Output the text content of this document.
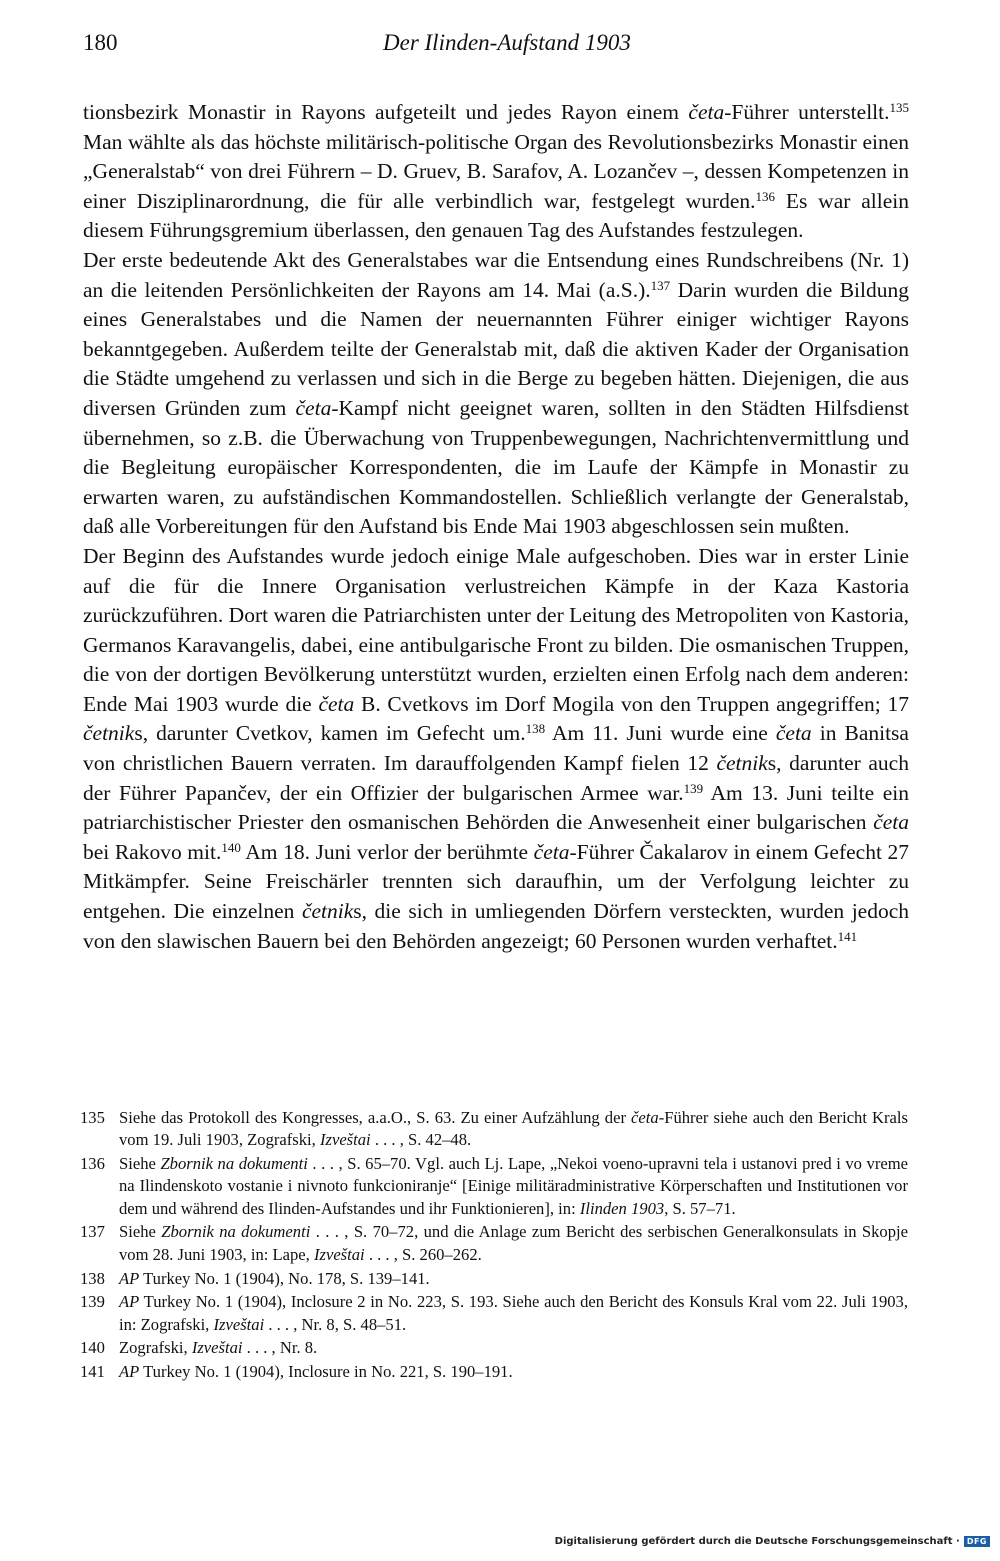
180	Der Ilinden-Aufstand 1903

tionsbezirk Monastir in Rayons aufgeteilt und jedes Rayon einem četa-Führer unterstellt.$^{135}$ Man wählte als das höchste militärisch-politische Organ des Revolutionsbezirks Monastir einen „Generalstab“ von drei Führern – D. Gruev, B. Sarafov, A. Lozančev –, dessen Kompetenzen in einer Disziplinarordnung, die für alle verbindlich war, festgelegt wurden.$^{136}$ Es war allein diesem Führungsgremium überlassen, den genauen Tag des Aufstandes festzulegen.

Der erste bedeutende Akt des Generalstabes war die Entsendung eines Rundschreibens (Nr. 1) an die leitenden Persönlichkeiten der Rayons am 14. Mai (a.S.).$^{137}$ Darin wurden die Bildung eines Generalstabes und die Namen der neuernannten Führer einiger wichtiger Rayons bekanntgegeben. Außerdem teilte der Generalstab mit, daß die aktiven Kader der Organisation die Städte umgehend zu verlassen und sich in die Berge zu begeben hätten. Diejenigen, die aus diversen Gründen zum četa-Kampf nicht geeignet waren, sollten in den Städten Hilfsdienst übernehmen, so z.B. die Überwachung von Truppenbewegungen, Nachrichtenvermittlung und die Begleitung europäischer Korrespondenten, die im Laufe der Kämpfe in Monastir zu erwarten waren, zu aufständischen Kommandostellen. Schließlich verlangte der Generalstab, daß alle Vorbereitungen für den Aufstand bis Ende Mai 1903 abgeschlossen sein mußten.

Der Beginn des Aufstandes wurde jedoch einige Male aufgeschoben. Dies war in erster Linie auf die für die Innere Organisation verlustreichen Kämpfe in der Kaza Kastoria zurückzuführen. Dort waren die Patriarchisten unter der Leitung des Metropoliten von Kastoria, Germanos Karavangelis, dabei, eine antibulgarische Front zu bilden. Die osmanischen Truppen, die von der dortigen Bevölkerung unterstützt wurden, erzielten einen Erfolg nach dem anderen: Ende Mai 1903 wurde die četa B. Cvetkovs im Dorf Mogila von den Truppen angegriffen; 17 četniks, darunter Cvetkov, kamen im Gefecht um.$^{138}$ Am 11. Juni wurde eine četa in Banitsa von christlichen Bauern verraten. Im darauffolgenden Kampf fielen 12 četniks, darunter auch der Führer Papančev, der ein Offizier der bulgarischen Armee war.$^{139}$ Am 13. Juni teilte ein patriarchistischer Priester den osmanischen Behörden die Anwesenheit einer bulgarischen četa bei Rakovo mit.$^{140}$ Am 18. Juni verlor der berühmte četa-Führer Čakalarov in einem Gefecht 27 Mitkämpfer. Seine Freischärler trennten sich daraufhin, um der Verfolgung leichter zu entgehen. Die einzelnen četniks, die sich in umliegenden Dörfern versteckten, wurden jedoch von den slawischen Bauern bei den Behörden angezeigt; 60 Personen wurden verhaftet.$^{141}$

135 Siehe das Protokoll des Kongresses, a.a.O., S. 63. Zu einer Aufzählung der četa-Führer siehe auch den Bericht Krals vom 19. Juli 1903, Zografski, Izveštai . . . , S. 42–48.
136 Siehe Zbornik na dokumenti . . . , S. 65–70. Vgl. auch Lj. Lape, „Nekoi voeno-upravni tela i ustanovi pred i vo vreme na Ilindenskoto vostanie i nivnoto funkcioniranje“ [Einige militäradministrative Körperschaften und Institutionen vor dem und während des Ilinden-Aufstandes und ihr Funktionieren], in: Ilinden 1903, S. 57–71.
137 Siehe Zbornik na dokumenti . . . , S. 70–72, und die Anlage zum Bericht des serbischen Generalkonsulats in Skopje vom 28. Juni 1903, in: Lape, Izveštai . . . , S. 260–262.
138 AP Turkey No. 1 (1904), No. 178, S. 139–141.
139 AP Turkey No. 1 (1904), Inclosure 2 in No. 223, S. 193. Siehe auch den Bericht des Konsuls Kral vom 22. Juli 1903, in: Zografski, Izveštai . . . , Nr. 8, S. 48–51.
140 Zografski, Izveštai . . . , Nr. 8.
141 AP Turkey No. 1 (1904), Inclosure in No. 221, S. 190–191.
Digitalisierung gefördert durch die Deutsche Forschungsgemeinschaft · DFG
